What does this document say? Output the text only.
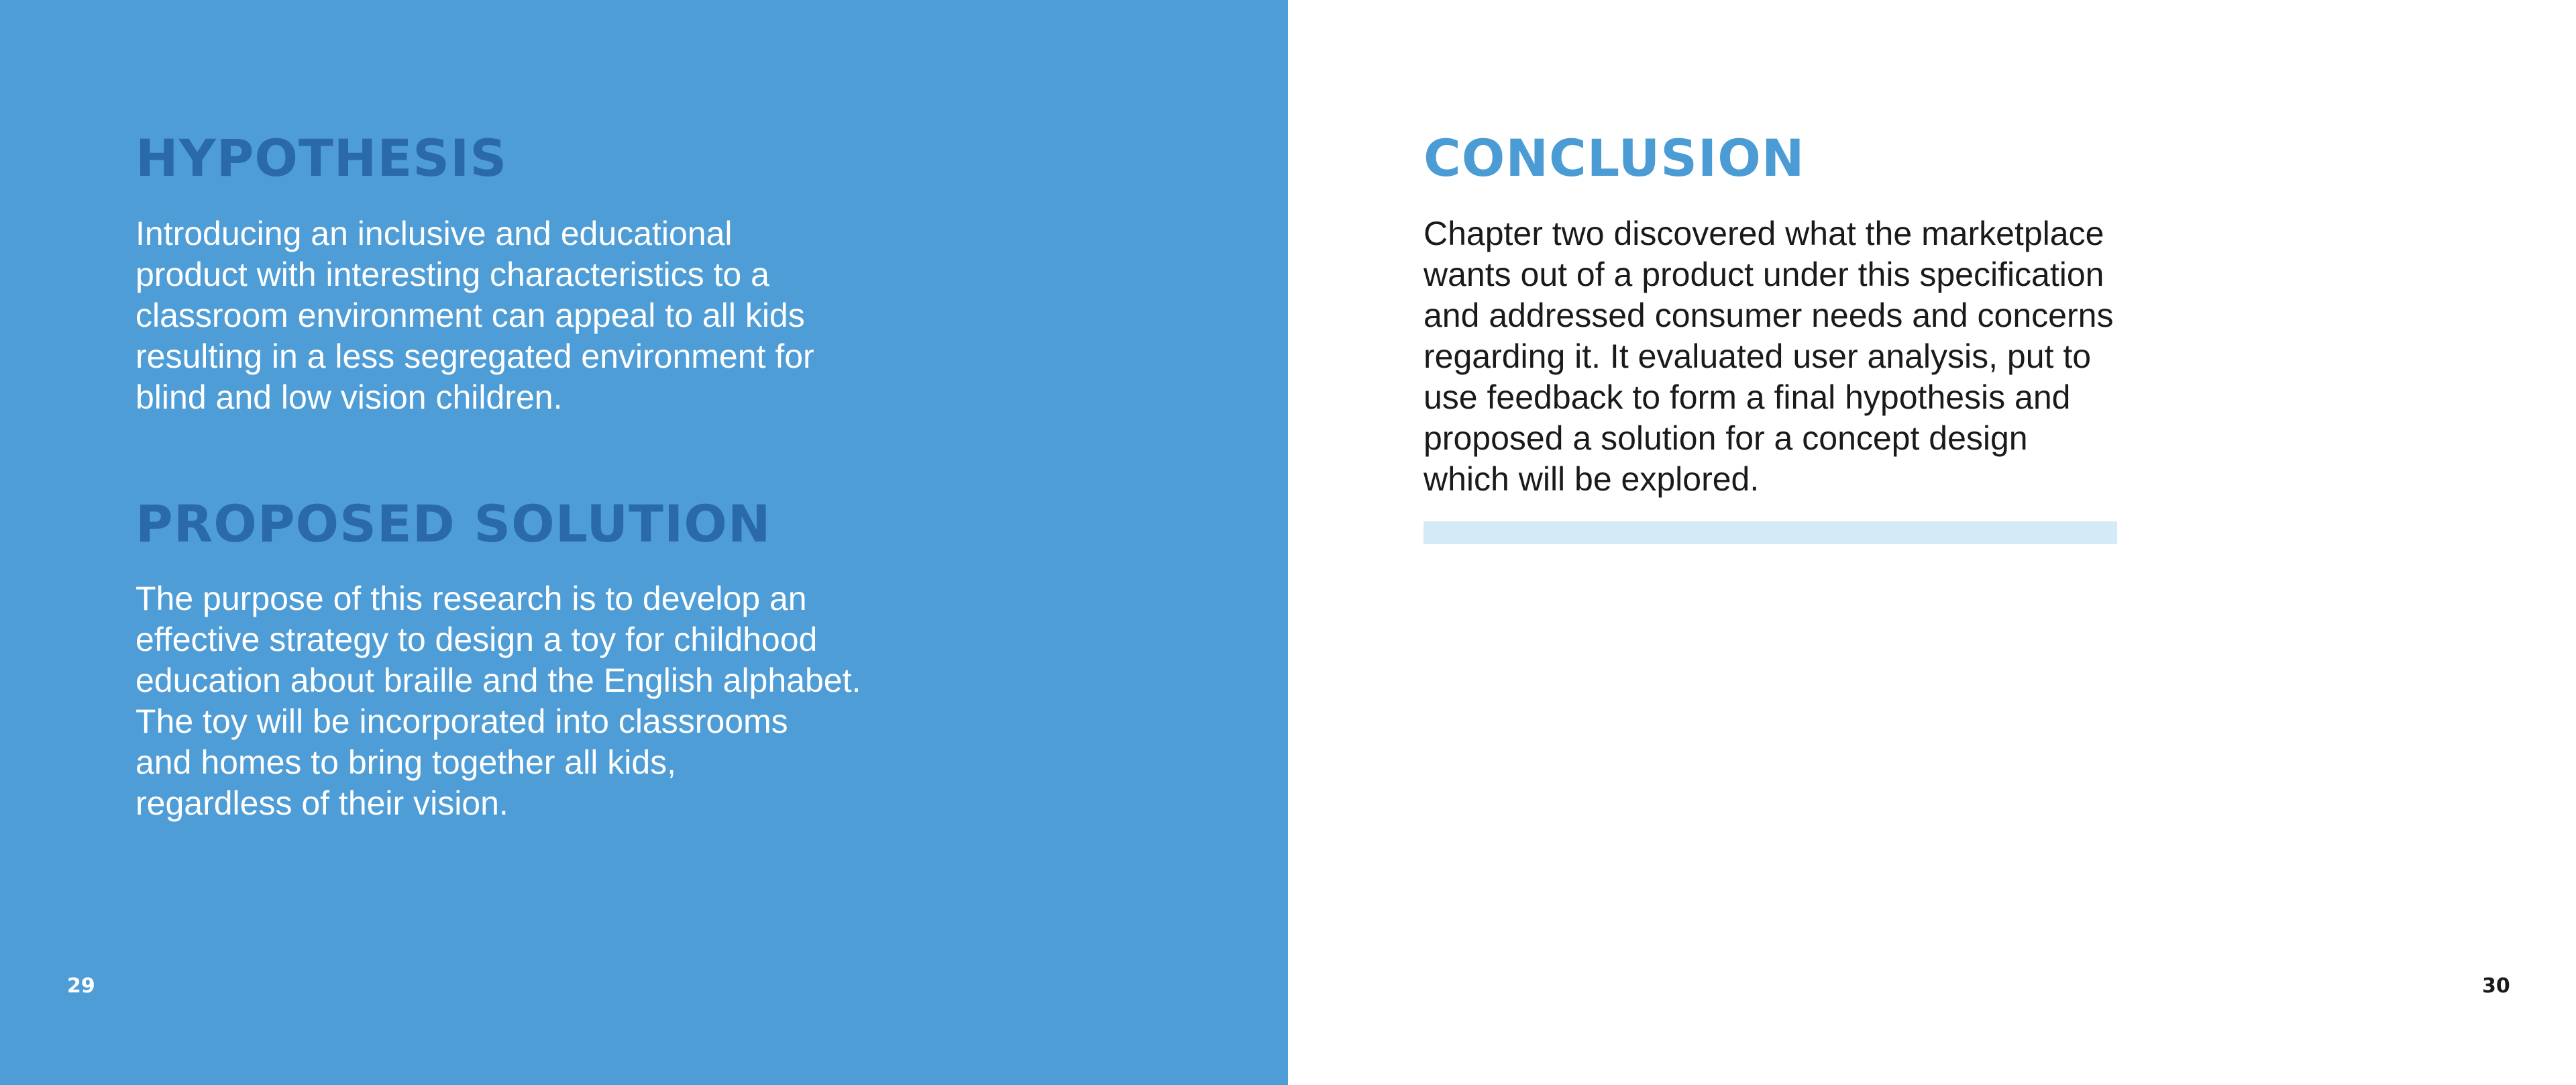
HYPOTHESIS

Introducing an inclusive and educational
product with interesting characteristics to a
classroom environment can appeal to all kids
resulting in a less segregated environment for
blind and low vision children.

PROPOSED SOLUTION

The purpose of this research is to develop an
effective strategy to design a toy for childhood
education about braille and the English alphabet.
The toy will be incorporated into classrooms
and homes to bring together all kids,
regardless of their vision.

29
CONCLUSION

Chapter two discovered what the marketplace
wants out of a product under this specification
and addressed consumer needs and concerns
regarding it. It evaluated user analysis, put to
use feedback to form a final hypothesis and
proposed a solution for a concept design
which will be explored.

30
